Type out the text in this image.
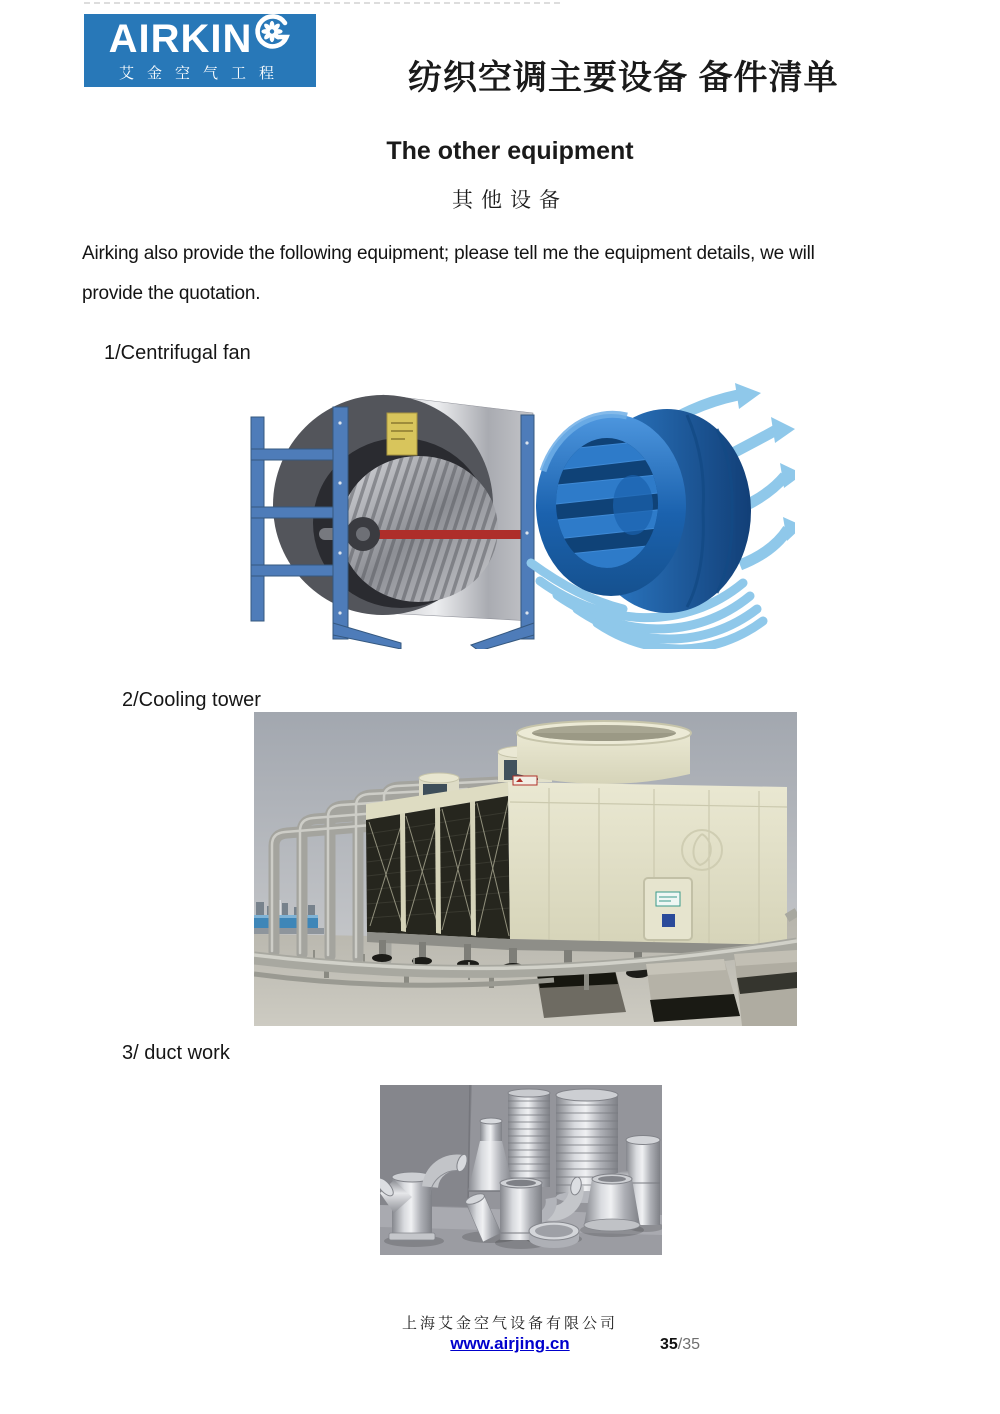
AIRKIN
艾金空气工程	纺织空调主要设备 备件清单
The other equipment
其他设备
Airking also provide the following equipment; please tell me the equipment details, we will
provide the quotation.
1/Centrifugal fan
2/Cooling tower
3/ duct work
上海艾金空气设备有限公司
www.airjing.cn	35/35
